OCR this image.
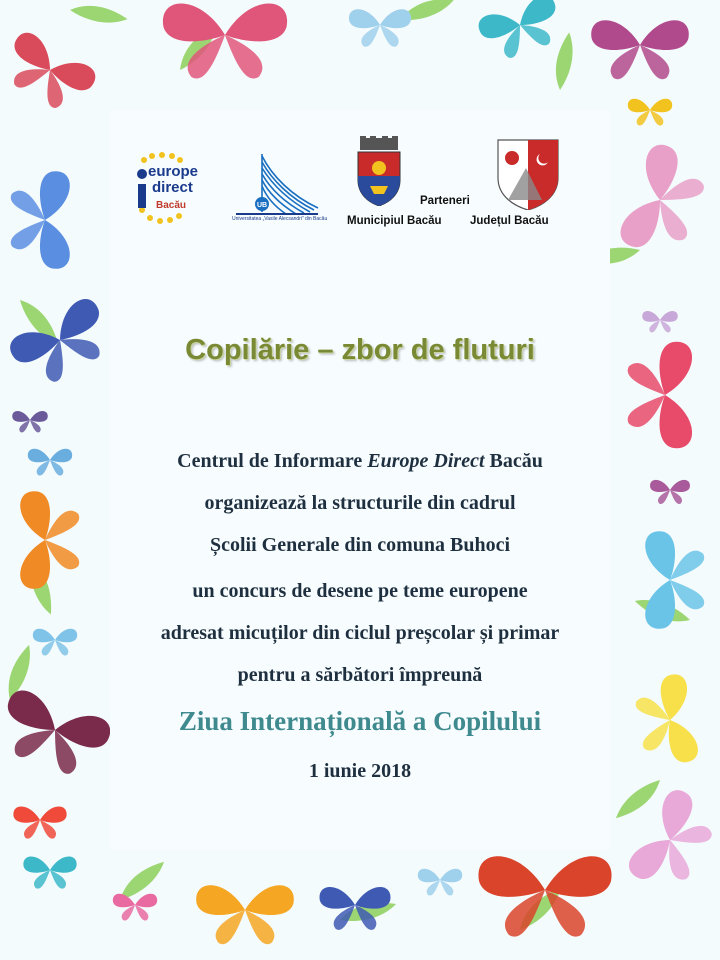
europe
direct
Bacău	UB
Universitatea „Vasile Alecsandri” din Bacău
Parteneri
Municipiul Bacău Județul Bacău
Copilărie – zbor de fluturi
Centrul de Informare Europe Direct Bacău
organizează la structurile din cadrul
Școlii Generale din comuna Buhoci
un concurs de desene pe teme europene
adresat micuților din ciclul preșcolar și primar
pentru a sărbători împreună
Ziua Internațională a Copilului
1 iunie 2018
